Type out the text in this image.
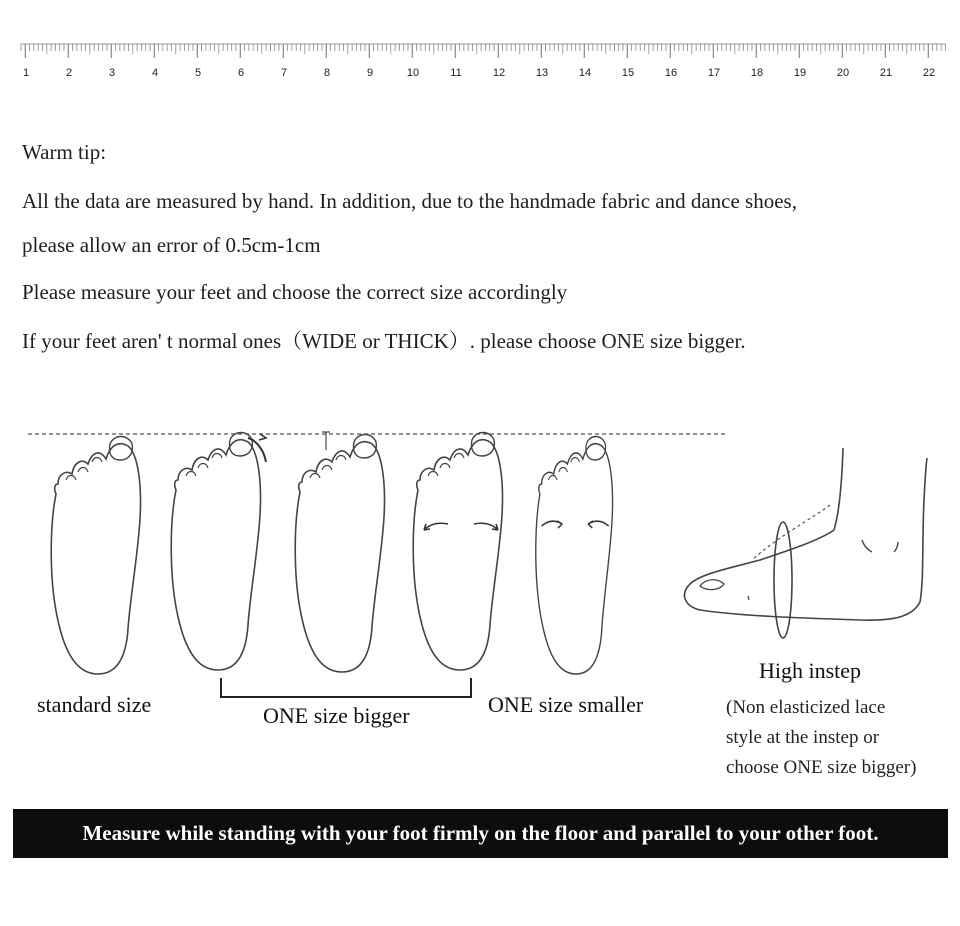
1	2	3	4	5	6	7	8	9	10	11	12	13	14	15	16	17	18	19	20	21	22
Warm tip:
All the data are measured by hand. In addition, due to the handmade fabric and dance shoes,
please allow an error of 0.5cm-1cm
Please measure your feet and choose the correct size accordingly
If your feet aren' t normal ones（WIDE or THICK）. please choose ONE size bigger.
standard size	ONE size bigger	ONE size smaller
High instep
(Non elasticized lace
style at the instep or
choose ONE size bigger)
Measure while standing with your foot firmly on the floor and parallel to your other foot.
